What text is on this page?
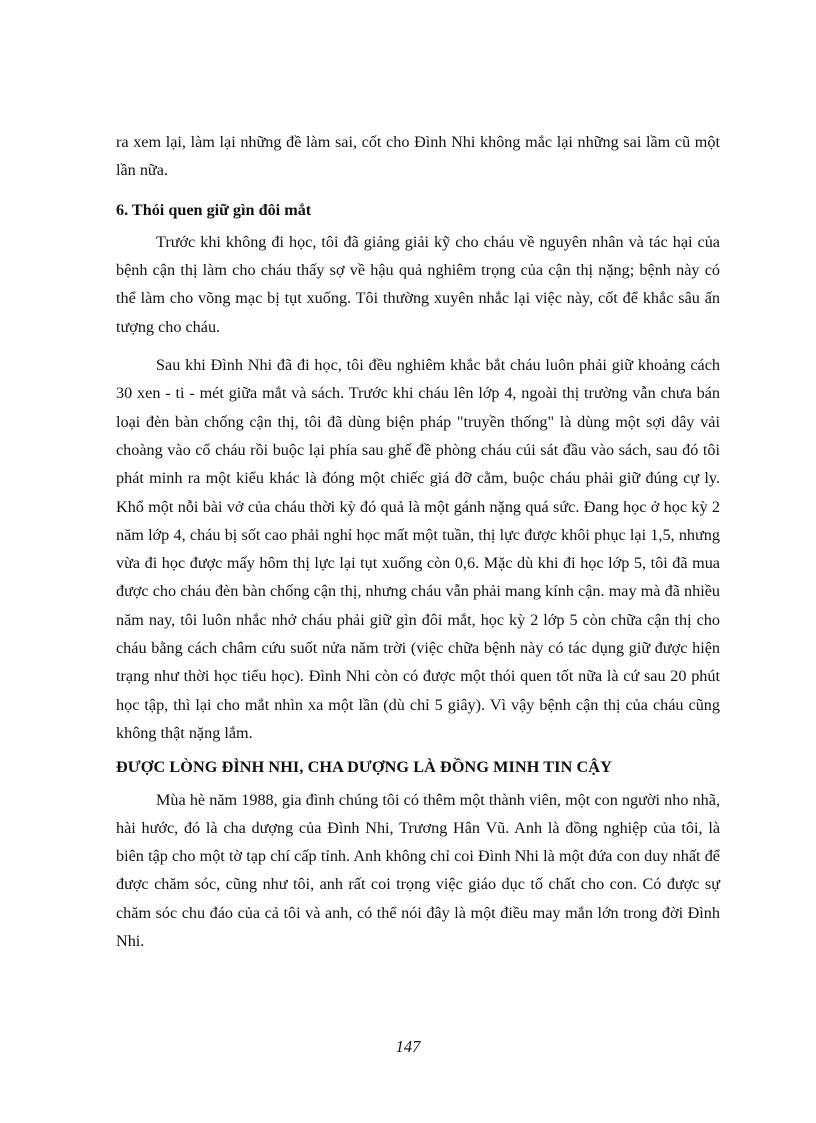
ra xem lại, làm lại những đề làm sai, cốt cho Đình Nhi không mắc lại những sai lầm cũ một lần nữa.

6. Thói quen giữ gìn đôi mắt

Trước khi không đi học, tôi đã giảng giải kỹ cho cháu về nguyên nhân và tác hại của bệnh cận thị làm cho cháu thấy sợ về hậu quả nghiêm trọng của cận thị nặng; bệnh này có thể làm cho võng mạc bị tụt xuống. Tôi thường xuyên nhắc lại việc này, cốt để khắc sâu ấn tượng cho cháu.

Sau khi Đình Nhi đã đi học, tôi đều nghiêm khắc bắt cháu luôn phải giữ khoảng cách 30 xen - ti - mét giữa mắt và sách. Trước khi cháu lên lớp 4, ngoài thị trường vẫn chưa bán loại đèn bàn chống cận thị, tôi đã dùng biện pháp "truyền thống" là dùng một sợi dây vải choàng vào cổ cháu rồi buộc lại phía sau ghế đề phòng cháu cúi sát đầu vào sách, sau đó tôi phát minh ra một kiểu khác là đóng một chiếc giá đỡ cằm, buộc cháu phải giữ đúng cự ly. Khổ một nỗi bài vở của cháu thời kỳ đó quả là một gánh nặng quá sức. Đang học ở học kỳ 2 năm lớp 4, cháu bị sốt cao phải nghỉ học mất một tuần, thị lực được khôi phục lại 1,5, nhưng vừa đi học được mấy hôm thị lực lại tụt xuống còn 0,6. Mặc dù khi đi học lớp 5, tôi đã mua được cho cháu đèn bàn chống cận thị, nhưng cháu vẫn phải mang kính cận. may mà đã nhiều năm nay, tôi luôn nhắc nhở cháu phải giữ gìn đôi mắt, học kỳ 2 lớp 5 còn chữa cận thị cho cháu bằng cách châm cứu suốt nửa năm trời (việc chữa bệnh này có tác dụng giữ được hiện trạng như thời học tiểu học). Đình Nhi còn có được một thói quen tốt nữa là cứ sau 20 phút học tập, thì lại cho mắt nhìn xa một lần (dù chỉ 5 giây). Vì vậy bệnh cận thị của cháu cũng không thật nặng lắm.

ĐƯỢC LÒNG ĐÌNH NHI, CHA DƯỢNG LÀ ĐỒNG MINH TIN CẬY

Mùa hè năm 1988, gia đình chúng tôi có thêm một thành viên, một con người nho nhã, hài hước, đó là cha dượng của Đình Nhi, Trương Hân Vũ. Anh là đồng nghiệp của tôi, là biên tập cho một tờ tạp chí cấp tỉnh. Anh không chỉ coi Đình Nhi là một đứa con duy nhất để được chăm sóc, cũng như tôi, anh rất coi trọng việc giáo dục tố chất cho con. Có được sự chăm sóc chu đáo của cả tôi và anh, có thể nói đây là một điều may mắn lớn trong đời Đình Nhi.

147
